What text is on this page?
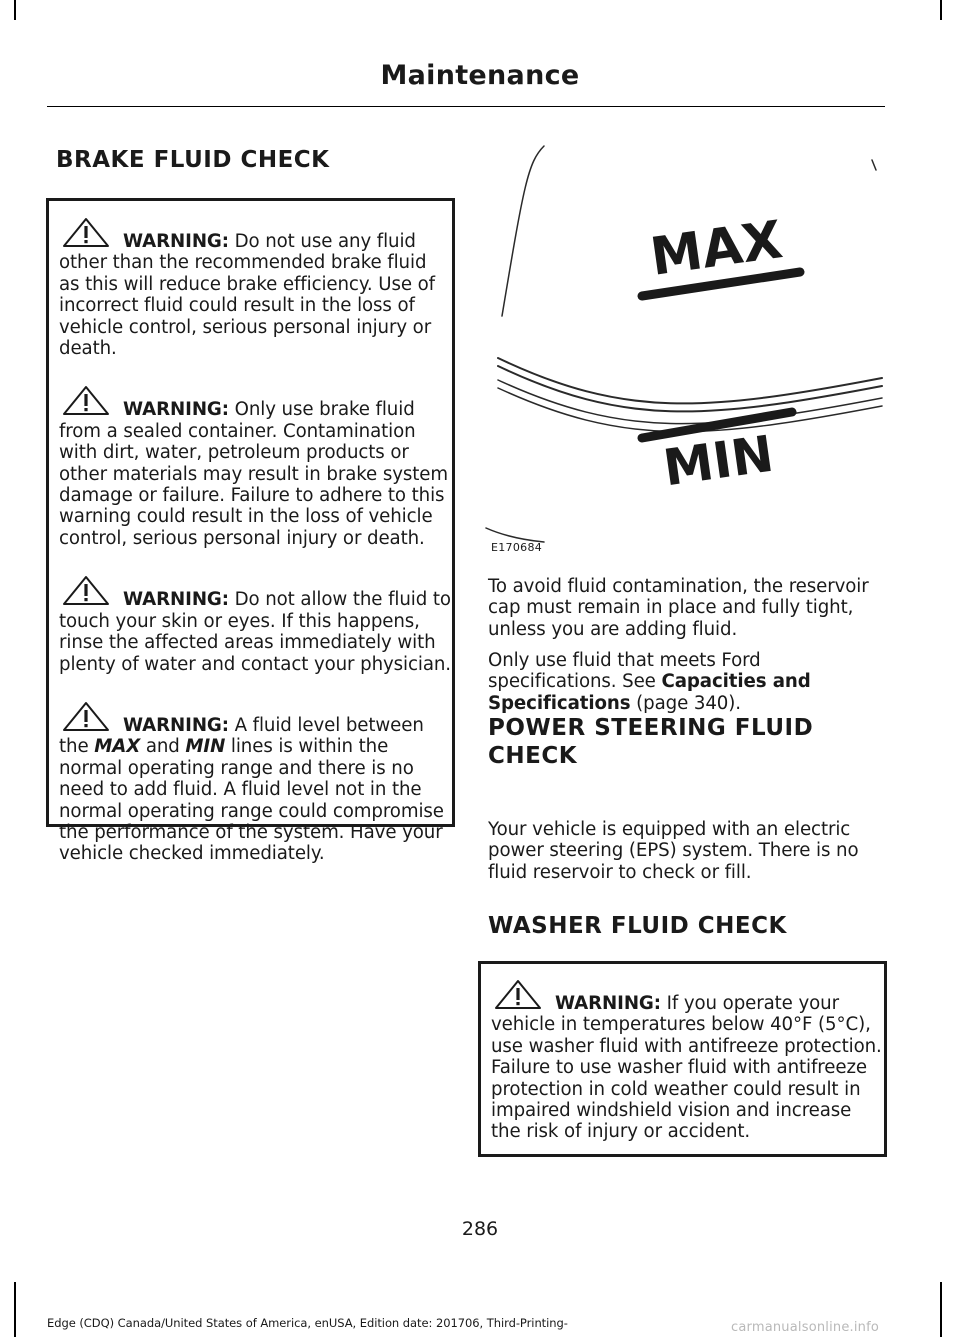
Maintenance
BRAKE FLUID CHECK

WARNING: Do not use any fluid other than the recommended brake fluid as this will reduce brake efficiency. Use of incorrect fluid could result in the loss of vehicle control, serious personal injury or death.

WARNING: Only use brake fluid from a sealed container. Contamination with dirt, water, petroleum products or other materials may result in brake system damage or failure. Failure to adhere to this warning could result in the loss of vehicle control, serious personal injury or death.

WARNING: Do not allow the fluid to touch your skin or eyes. If this happens, rinse the affected areas immediately with plenty of water and contact your physician.

WARNING: A fluid level between the MAX and MIN lines is within the normal operating range and there is no need to add fluid. A fluid level not in the normal operating range could compromise the performance of the system. Have your vehicle checked immediately.

MAX
MIN
E170684

To avoid fluid contamination, the reservoir cap must remain in place and fully tight, unless you are adding fluid.

Only use fluid that meets Ford specifications. See Capacities and Specifications (page 340).

POWER STEERING FLUID
CHECK

Your vehicle is equipped with an electric power steering (EPS) system. There is no fluid reservoir to check or fill.

WASHER FLUID CHECK

WARNING: If you operate your vehicle in temperatures below 40°F (5°C), use washer fluid with antifreeze protection. Failure to use washer fluid with antifreeze protection in cold weather could result in impaired windshield vision and increase the risk of injury or accident.

286
Edge (CDQ) Canada/United States of America, enUSA, Edition date: 201706, Third-Printing-	carmanualsonline.info
